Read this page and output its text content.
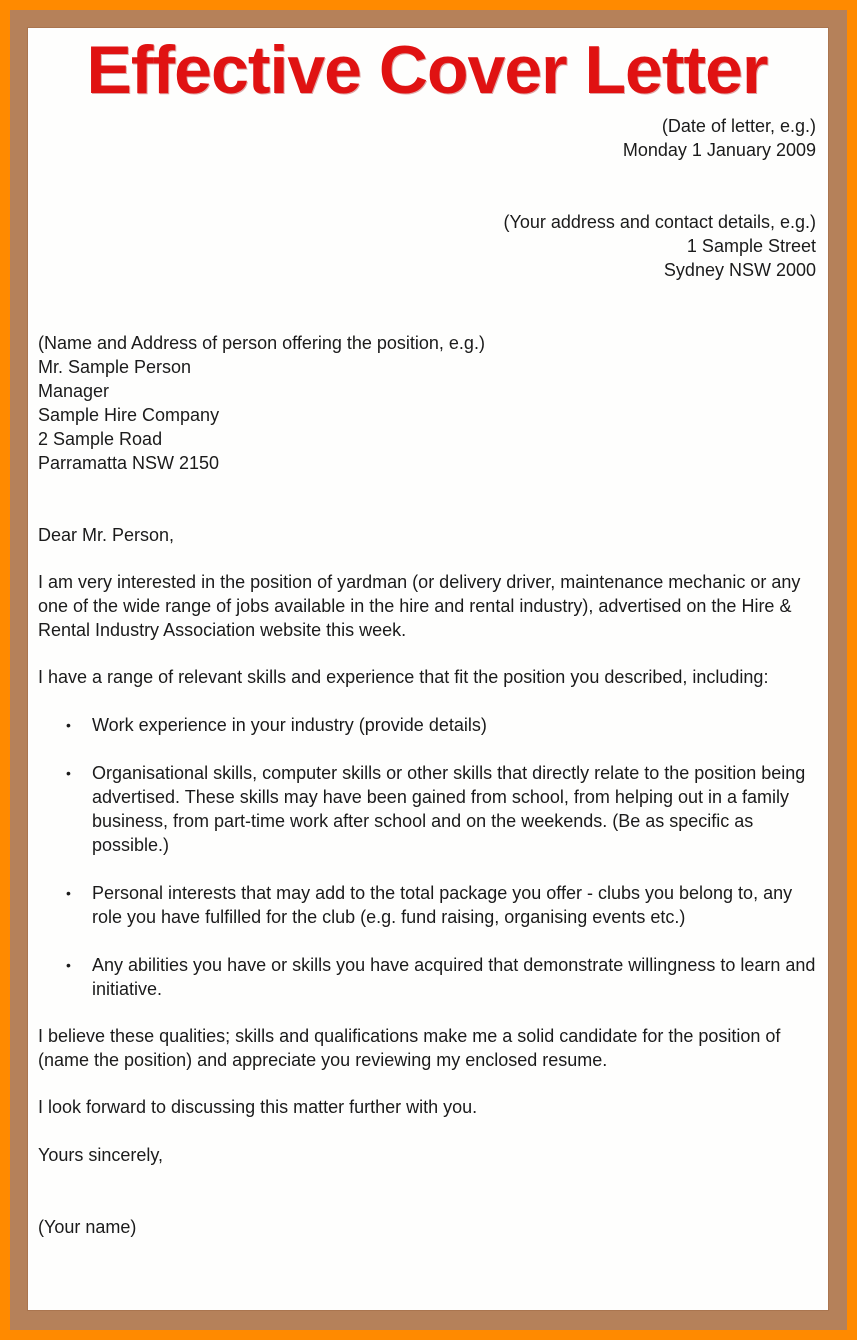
Effective Cover Letter

(Date of letter, e.g.)

Monday 1 January 2009

(Your address and contact details, e.g.)

1 Sample Street

Sydney NSW 2000

(Name and Address of person offering the position, e.g.)

Mr. Sample Person

Manager

Sample Hire Company

2 Sample Road

Parramatta NSW 2150

Dear Mr. Person,

I am very interested in the position of yardman (or delivery driver, maintenance mechanic or any one of the wide range of jobs available in the hire and rental industry), advertised on the Hire & Rental Industry Association website this week.

I have a range of relevant skills and experience that fit the position you described, including:

•	Work experience in your industry (provide details)
•	Organisational skills, computer skills or other skills that directly relate to the position being advertised. These skills may have been gained from school, from helping out in a family business, from part-time work after school and on the weekends. (Be as specific as possible.)
•	Personal interests that may add to the total package you offer - clubs you belong to, any role you have fulfilled for the club (e.g. fund raising, organising events etc.)
•	Any abilities you have or skills you have acquired that demonstrate willingness to learn and initiative.

I believe these qualities; skills and qualifications make me a solid candidate for the position of (name the position) and appreciate you reviewing my enclosed resume.

I look forward to discussing this matter further with you.

Yours sincerely,

(Your name)
